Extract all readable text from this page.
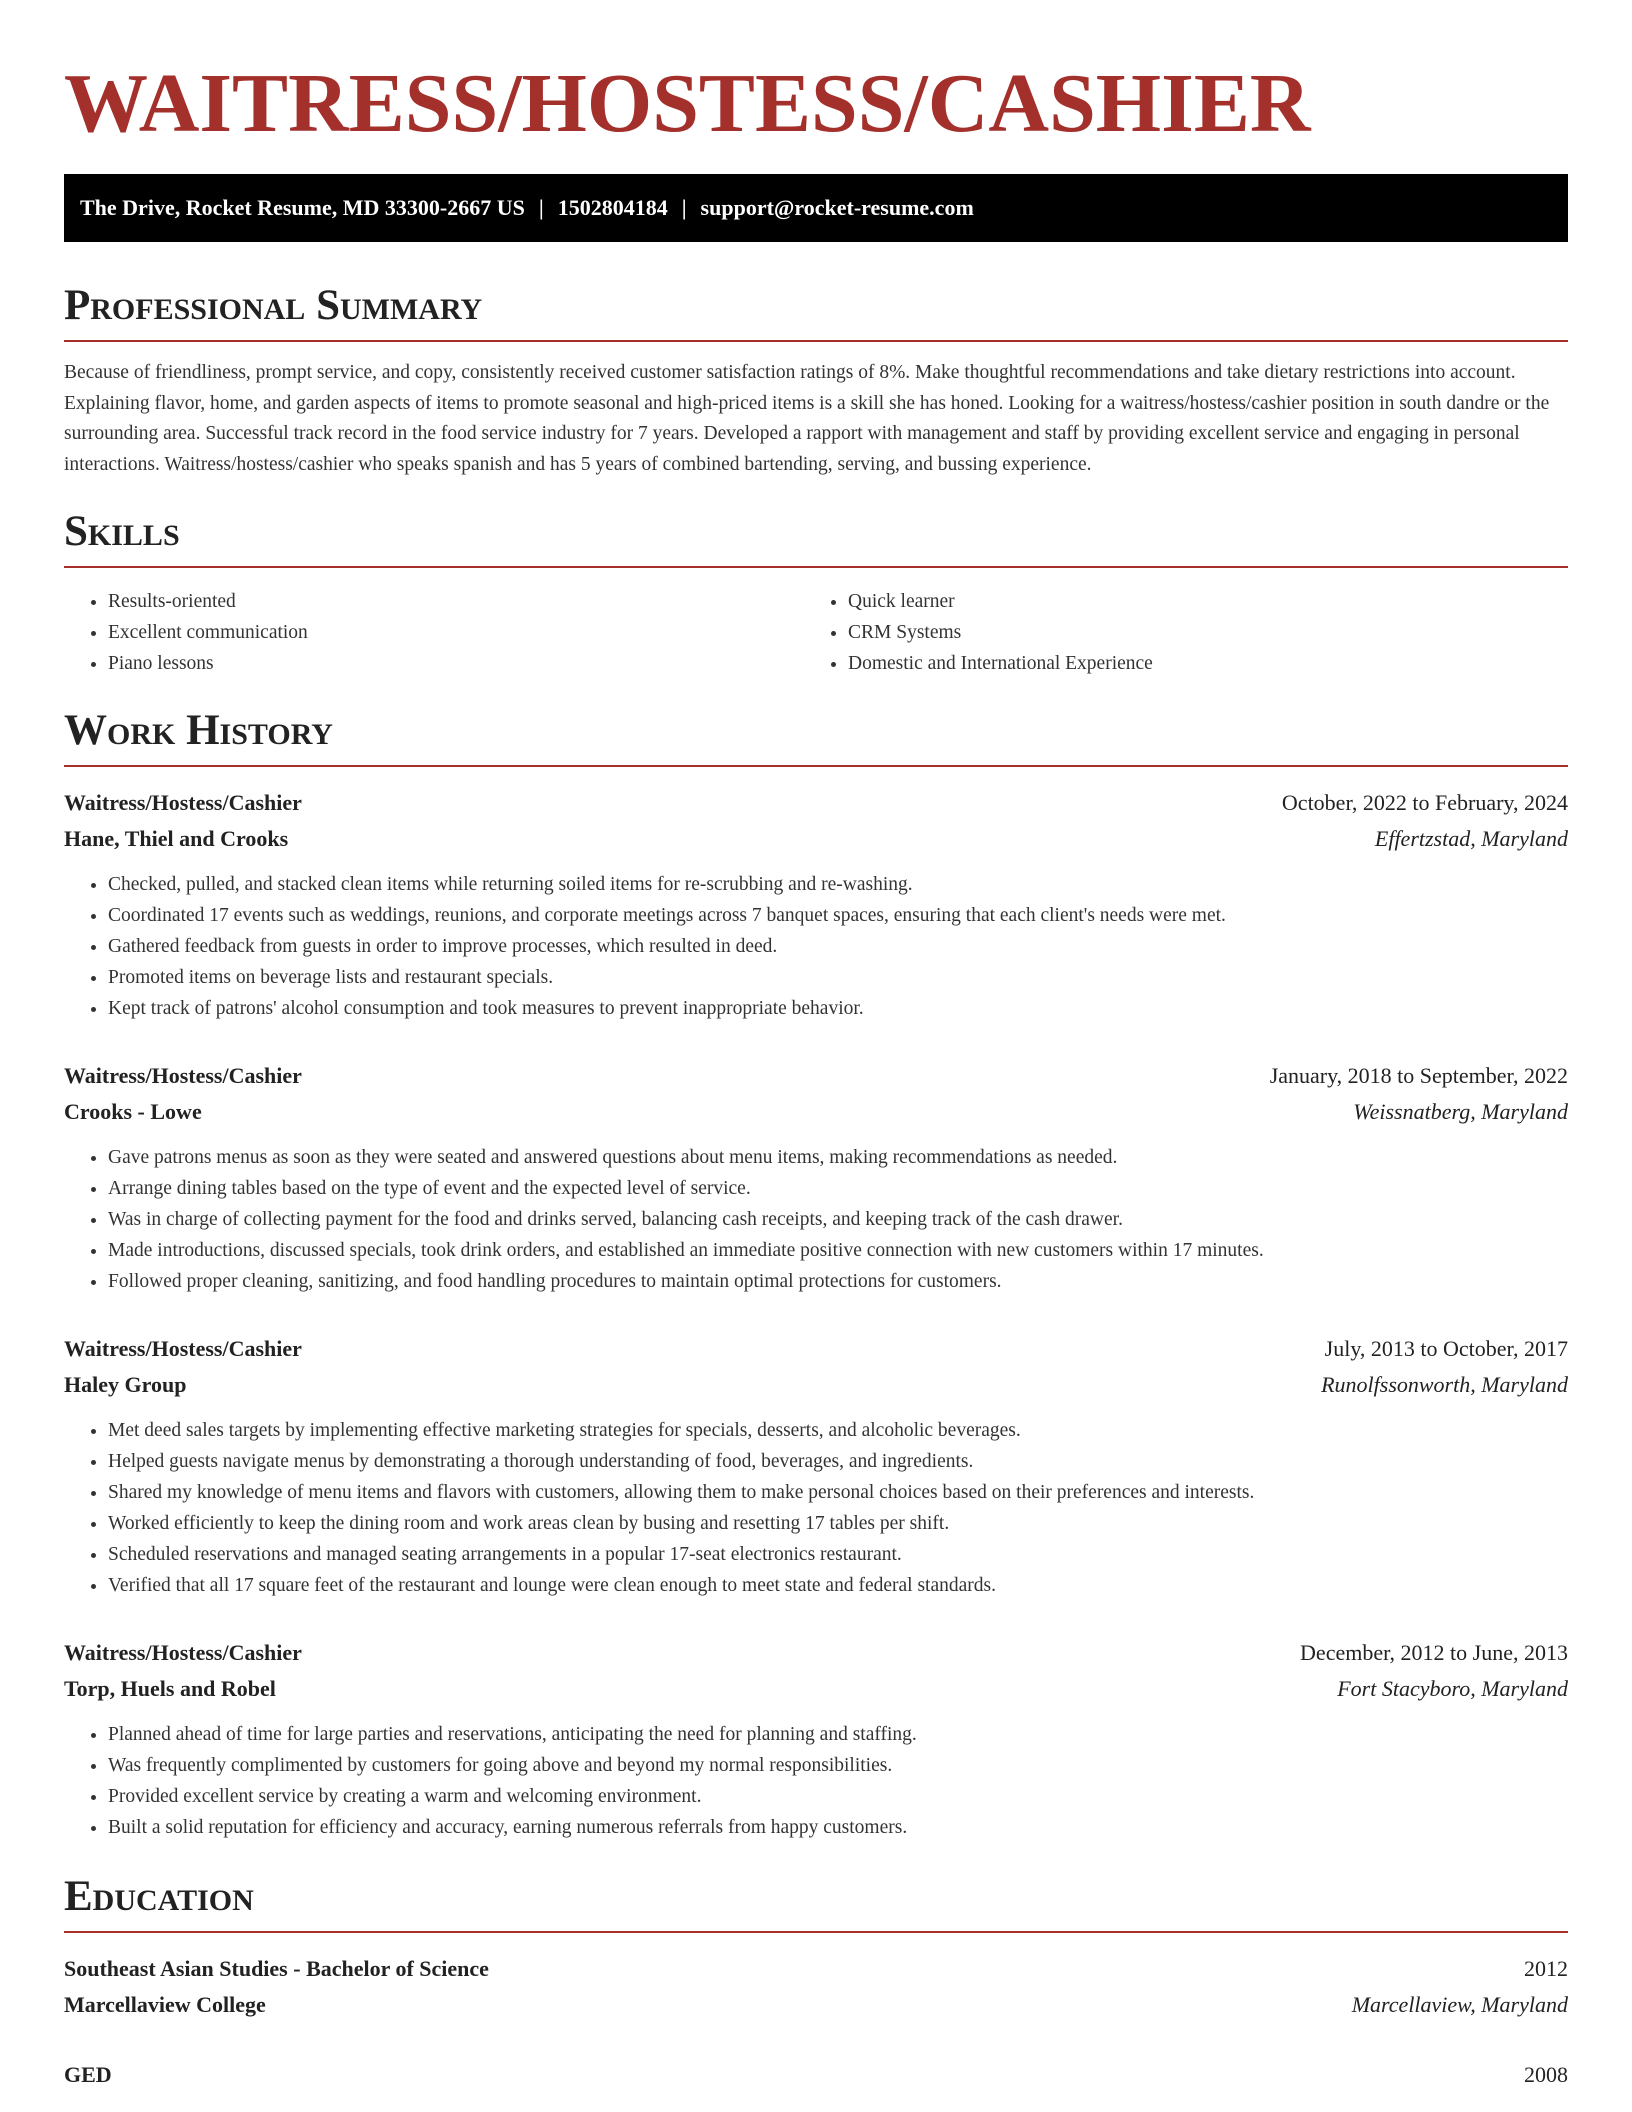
WAITRESS/HOSTESS/CASHIER
The Drive, Rocket Resume, MD 33300-2667 US | 1502804184 | support@rocket-resume.com
Professional Summary

Because of friendliness, prompt service, and copy, consistently received customer satisfaction ratings of 8%. Make thoughtful recommendations and take dietary restrictions into account. Explaining flavor, home, and garden aspects of items to promote seasonal and high-priced items is a skill she has honed. Looking for a waitress/hostess/cashier position in south dandre or the surrounding area. Successful track record in the food service industry for 7 years. Developed a rapport with management and staff by providing excellent service and engaging in personal interactions. Waitress/hostess/cashier who speaks spanish and has 5 years of combined bartending, serving, and bussing experience.

Skills
• Results-oriented
• Excellent communication
• Piano lessons
• Quick learner
• CRM Systems
• Domestic and International Experience
Work History
Waitress/Hostess/Cashier	October, 2022 to February, 2024
Hane, Thiel and Crooks	Effertzstad, Maryland
• Checked, pulled, and stacked clean items while returning soiled items for re-scrubbing and re-washing.
• Coordinated 17 events such as weddings, reunions, and corporate meetings across 7 banquet spaces, ensuring that each client's needs were met.
• Gathered feedback from guests in order to improve processes, which resulted in deed.
• Promoted items on beverage lists and restaurant specials.
• Kept track of patrons' alcohol consumption and took measures to prevent inappropriate behavior.
Waitress/Hostess/Cashier	January, 2018 to September, 2022
Crooks - Lowe	Weissnatberg, Maryland
• Gave patrons menus as soon as they were seated and answered questions about menu items, making recommendations as needed.
• Arrange dining tables based on the type of event and the expected level of service.
• Was in charge of collecting payment for the food and drinks served, balancing cash receipts, and keeping track of the cash drawer.
• Made introductions, discussed specials, took drink orders, and established an immediate positive connection with new customers within 17 minutes.
• Followed proper cleaning, sanitizing, and food handling procedures to maintain optimal protections for customers.
Waitress/Hostess/Cashier	July, 2013 to October, 2017
Haley Group	Runolfssonworth, Maryland
• Met deed sales targets by implementing effective marketing strategies for specials, desserts, and alcoholic beverages.
• Helped guests navigate menus by demonstrating a thorough understanding of food, beverages, and ingredients.
• Shared my knowledge of menu items and flavors with customers, allowing them to make personal choices based on their preferences and interests.
• Worked efficiently to keep the dining room and work areas clean by busing and resetting 17 tables per shift.
• Scheduled reservations and managed seating arrangements in a popular 17-seat electronics restaurant.
• Verified that all 17 square feet of the restaurant and lounge were clean enough to meet state and federal standards.
Waitress/Hostess/Cashier	December, 2012 to June, 2013
Torp, Huels and Robel	Fort Stacyboro, Maryland
• Planned ahead of time for large parties and reservations, anticipating the need for planning and staffing.
• Was frequently complimented by customers for going above and beyond my normal responsibilities.
• Provided excellent service by creating a warm and welcoming environment.
• Built a solid reputation for efficiency and accuracy, earning numerous referrals from happy customers.
Education
Southeast Asian Studies - Bachelor of Science	2012
Marcellaview College	Marcellaview, Maryland
GED	2008
